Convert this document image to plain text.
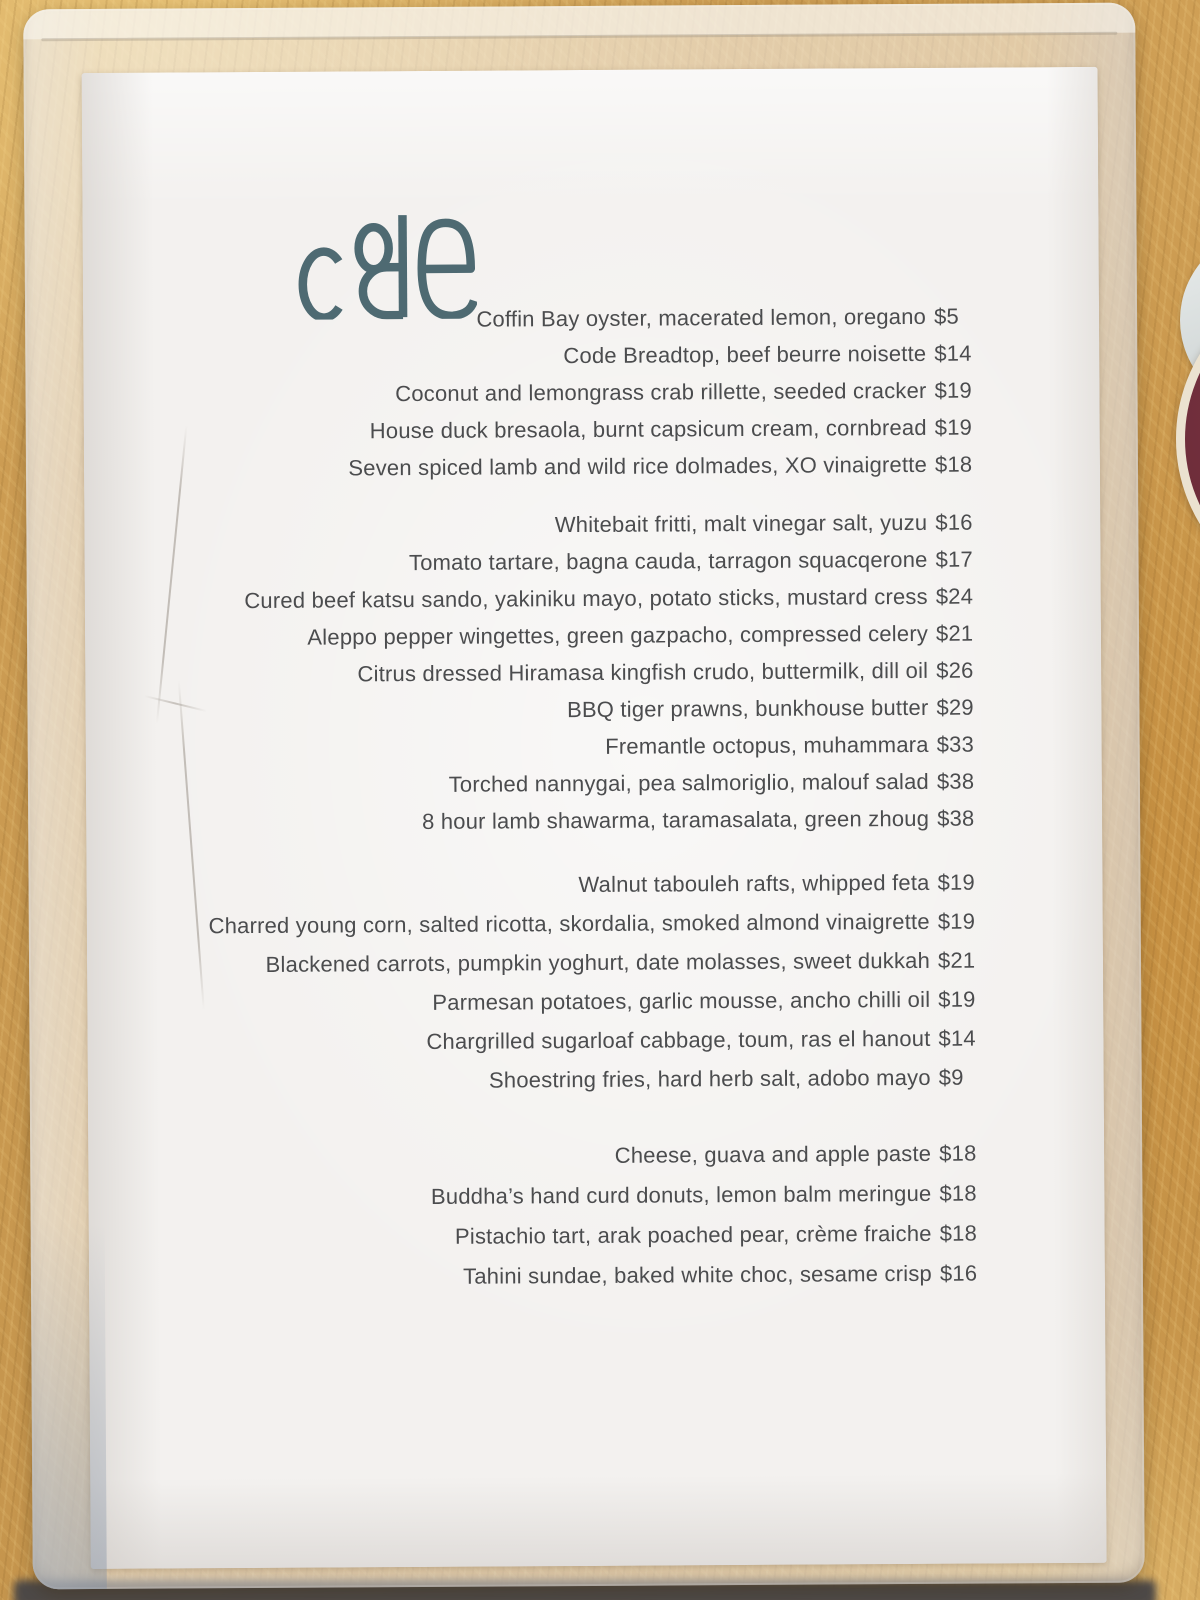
Coffin Bay oyster, macerated lemon, oregano $5
Code Breadtop, beef beurre noisette $14
Coconut and lemongrass crab rillette, seeded cracker $19
House duck bresaola, burnt capsicum cream, cornbread $19
Seven spiced lamb and wild rice dolmades, XO vinaigrette $18
Whitebait fritti, malt vinegar salt, yuzu $16
Tomato tartare, bagna cauda, tarragon squacqerone $17
Cured beef katsu sando, yakiniku mayo, potato sticks, mustard cress $24
Aleppo pepper wingettes, green gazpacho, compressed celery $21
Citrus dressed Hiramasa kingfish crudo, buttermilk, dill oil $26
BBQ tiger prawns, bunkhouse butter $29
Fremantle octopus, muhammara $33
Torched nannygai, pea salmoriglio, malouf salad $38
8 hour lamb shawarma, taramasalata, green zhoug $38
Walnut tabouleh rafts, whipped feta $19
Charred young corn, salted ricotta, skordalia, smoked almond vinaigrette $19
Blackened carrots, pumpkin yoghurt, date molasses, sweet dukkah $21
Parmesan potatoes, garlic mousse, ancho chilli oil $19
Chargrilled sugarloaf cabbage, toum, ras el hanout $14
Shoestring fries, hard herb salt, adobo mayo $9
Cheese, guava and apple paste $18
Buddha’s hand curd donuts, lemon balm meringue $18
Pistachio tart, arak poached pear, crème fraiche $18
Tahini sundae, baked white choc, sesame crisp $16
